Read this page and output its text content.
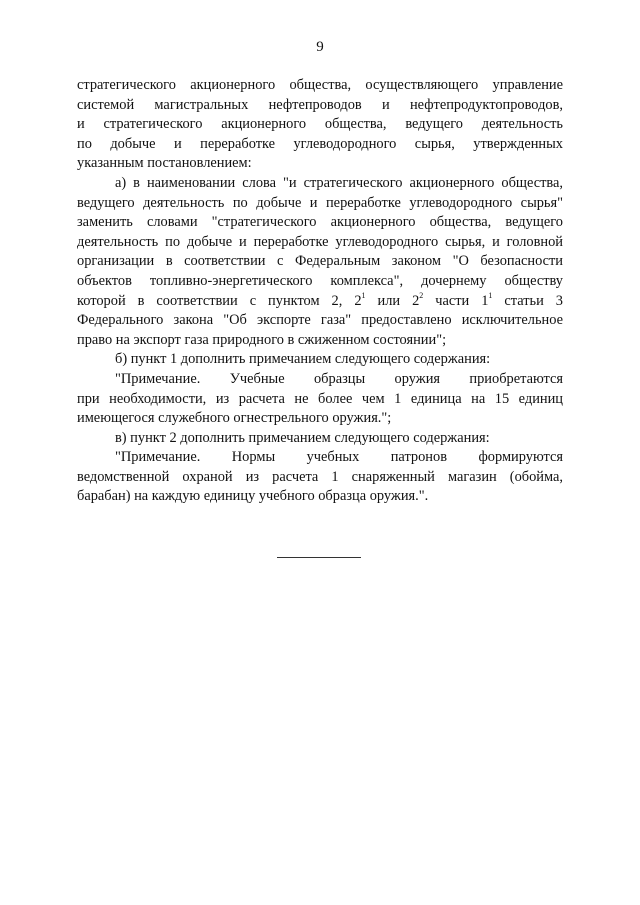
9
стратегического акционерного общества, осуществляющего управление
системой магистральных нефтепроводов и нефтепродуктопроводов,
и стратегического акционерного общества, ведущего деятельность
по добыче и переработке углеводородного сырья, утвержденных
указанным постановлением:
а) в наименовании слова "и стратегического акционерного общества,
ведущего деятельность по добыче и переработке углеводородного сырья"
заменить словами "стратегического акционерного общества, ведущего
деятельность по добыче и переработке углеводородного сырья, и головной
организации в соответствии с Федеральным законом "О безопасности
объектов топливно-энергетического комплекса", дочернему обществу
которой в соответствии с пунктом 2, $2^1$ или $2^2$ части $1^1$ статьи 3
Федерального закона "Об экспорте газа" предоставлено исключительное
право на экспорт газа природного в сжиженном состоянии";
б) пункт 1 дополнить примечанием следующего содержания:
"Примечание. Учебные образцы оружия приобретаются
при необходимости, из расчета не более чем 1 единица на 15 единиц
имеющегося служебного огнестрельного оружия.";
в) пункт 2 дополнить примечанием следующего содержания:
"Примечание. Нормы учебных патронов формируются
ведомственной охраной из расчета 1 снаряженный магазин (обойма,
барабан) на каждую единицу учебного образца оружия.".
